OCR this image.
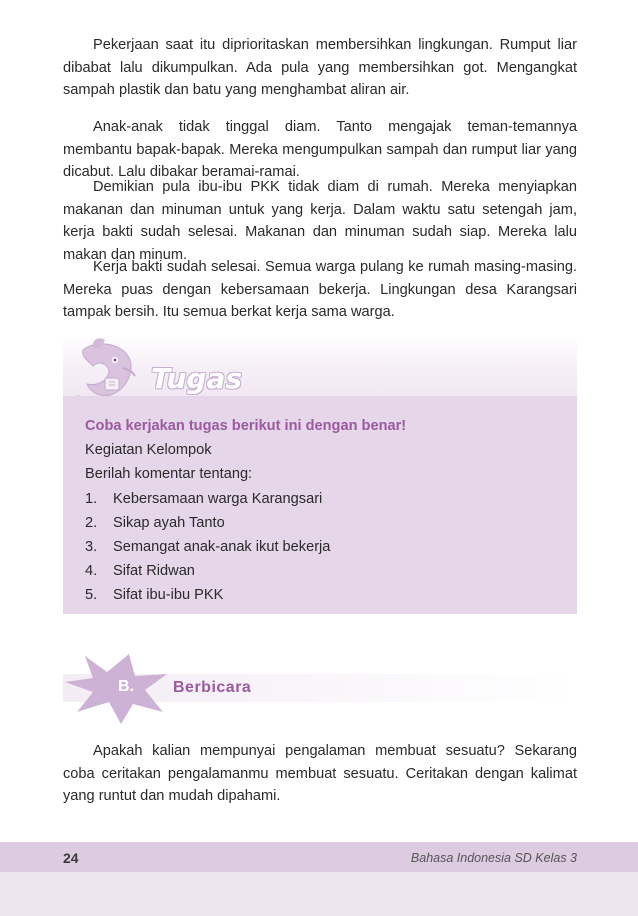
Pekerjaan saat itu diprioritaskan membersihkan lingkungan. Rumput liar dibabat lalu dikumpulkan. Ada pula yang membersihkan got. Mengangkat sampah plastik dan batu yang menghambat aliran air.

Anak-anak tidak tinggal diam. Tanto mengajak teman-temannya membantu bapak-bapak. Mereka mengumpulkan sampah dan rumput liar yang dicabut. Lalu dibakar beramai-ramai.

Demikian pula ibu-ibu PKK tidak diam di rumah. Mereka menyiapkan makanan dan minuman untuk yang kerja. Dalam waktu satu setengah jam, kerja bakti sudah selesai. Makanan dan minuman sudah siap. Mereka lalu makan dan minum.

Kerja bakti sudah selesai. Semua warga pulang ke rumah masing-masing. Mereka puas dengan kebersamaan bekerja. Lingkungan desa Karangsari tampak bersih. Itu semua berkat kerja sama warga.

Tugas
Coba kerjakan tugas berikut ini dengan benar!
Kegiatan Kelompok
Berilah komentar tentang:
1. Kebersamaan warga Karangsari
2. Sikap ayah Tanto
3. Semangat anak-anak ikut bekerja
4. Sifat Ridwan
5. Sifat ibu-ibu PKK
B. Berbicara

Apakah kalian mempunyai pengalaman membuat sesuatu? Sekarang coba ceritakan pengalamanmu membuat sesuatu. Ceritakan dengan kalimat yang runtut dan mudah dipahami.

24	Bahasa Indonesia SD Kelas 3
